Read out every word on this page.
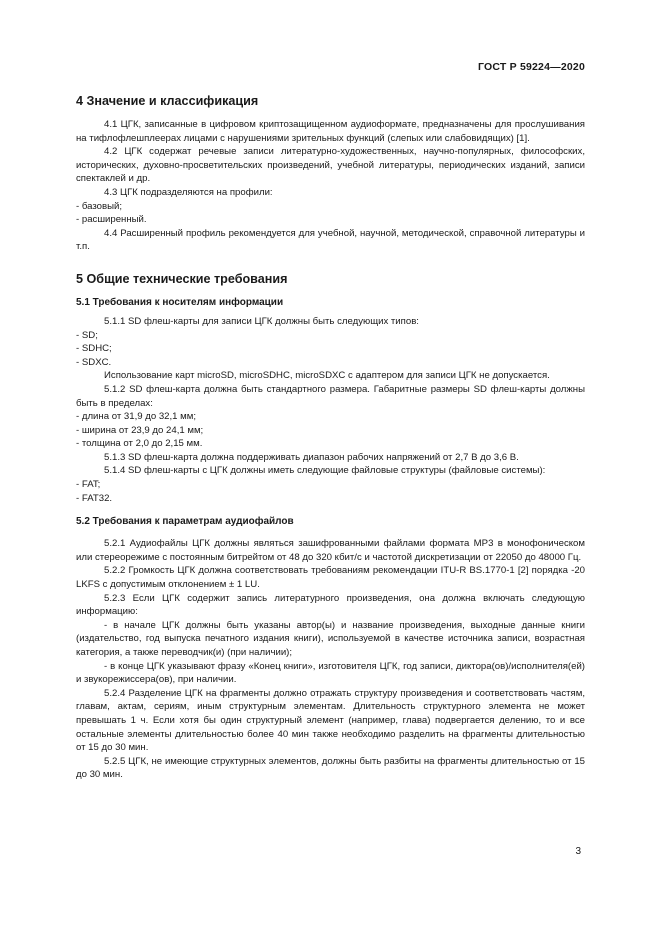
ГОСТ Р 59224—2020
4 Значение и классификация

4.1 ЦГК, записанные в цифровом криптозащищенном аудиоформате, предназначены для прослушивания на тифлофлешплеерах лицами с нарушениями зрительных функций (слепых или слабовидящих) [1].

4.2 ЦГК содержат речевые записи литературно-художественных, научно-популярных, философских, исторических, духовно-просветительских произведений, учебной литературы, периодических изданий, записи спектаклей и др.

4.3 ЦГК подразделяются на профили:

- базовый;

- расширенный.

4.4 Расширенный профиль рекомендуется для учебной, научной, методической, справочной литературы и т.п.

5 Общие технические требования
5.1 Требования к носителям информации

5.1.1 SD флеш-карты для записи ЦГК должны быть следующих типов:

- SD;

- SDHC;

- SDXC.

Использование карт microSD, microSDHC, microSDXC с адаптером для записи ЦГК не допускается.

5.1.2 SD флеш-карта должна быть стандартного размера. Габаритные размеры SD флеш-карты должны быть в пределах:

- длина от 31,9 до 32,1 мм;

- ширина от 23,9 до 24,1 мм;

- толщина от 2,0 до 2,15 мм.

5.1.3 SD флеш-карта должна поддерживать диапазон рабочих напряжений от 2,7 В до 3,6 В.

5.1.4 SD флеш-карты с ЦГК должны иметь следующие файловые структуры (файловые системы):

- FAT;

- FAT32.

5.2 Требования к параметрам аудиофайлов

5.2.1 Аудиофайлы ЦГК должны являться зашифрованными файлами формата MP3 в монофоническом или стереорежиме с постоянным битрейтом от 48 до 320 кбит/с и частотой дискретизации от 22050 до 48000 Гц.

5.2.2 Громкость ЦГК должна соответствовать требованиям рекомендации ITU-R BS.1770-1 [2] порядка -20 LKFS с допустимым отклонением ± 1 LU.

5.2.3 Если ЦГК содержит запись литературного произведения, она должна включать следующую информацию:

- в начале ЦГК должны быть указаны автор(ы) и название произведения, выходные данные книги (издательство, год выпуска печатного издания книги), используемой в качестве источника записи, возрастная категория, а также переводчик(и) (при наличии);

- в конце ЦГК указывают фразу «Конец книги», изготовителя ЦГК, год записи, диктора(ов)/исполнителя(ей) и звукорежиссера(ов), при наличии.

5.2.4 Разделение ЦГК на фрагменты должно отражать структуру произведения и соответствовать частям, главам, актам, сериям, иным структурным элементам. Длительность структурного элемента не может превышать 1 ч. Если хотя бы один структурный элемент (например, глава) подвергается делению, то и все остальные элементы длительностью более 40 мин также необходимо разделить на фрагменты длительностью от 15 до 30 мин.

5.2.5 ЦГК, не имеющие структурных элементов, должны быть разбиты на фрагменты длительностью от 15 до 30 мин.

3
